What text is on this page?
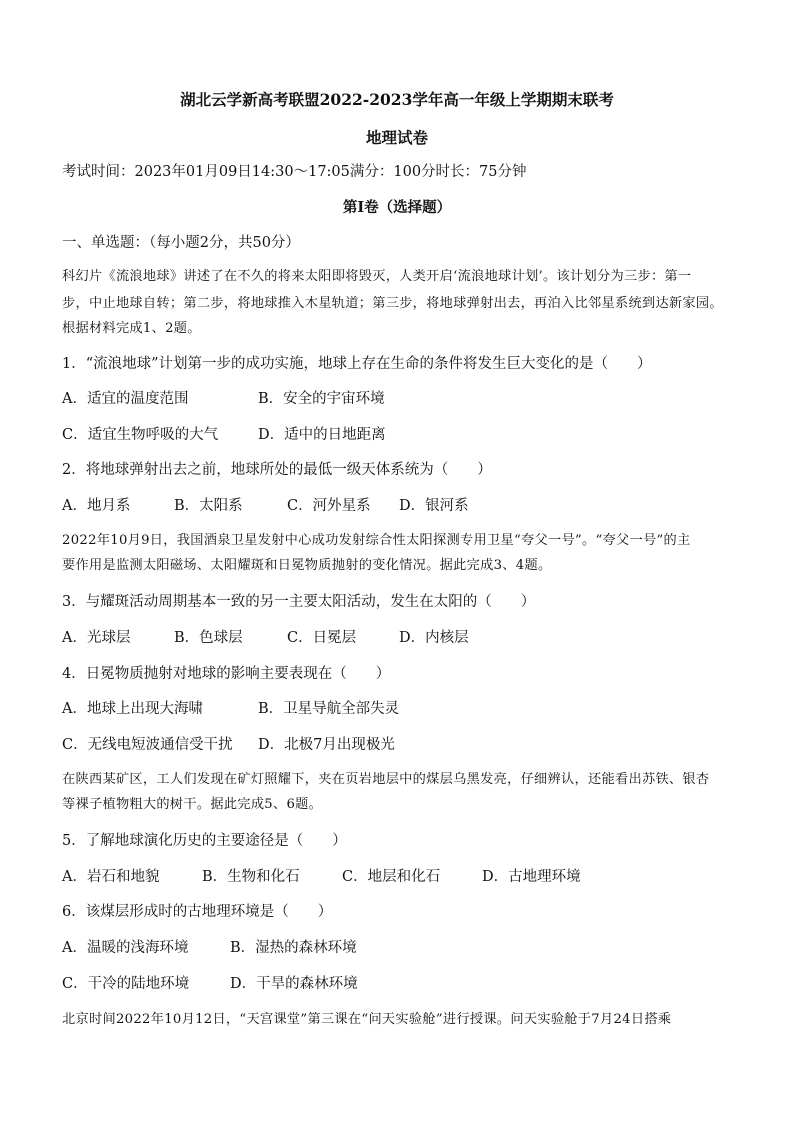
湖北云学新高考联盟2022-2023学年高一年级上学期期末联考
地理试卷
考试时间：2023年01月09日14:30～17:05满分：100分时长：75分钟
第I卷（选择题）
一、单选题：（每小题2分，共50分）
科幻片《流浪地球》讲述了在不久的将来太阳即将毁灭，人类开启‘流浪地球计划’。该计划分为三步：第一
步，中止地球自转；第二步，将地球推入木星轨道；第三步，将地球弹射出去，再泊入比邻星系统到达新家园。
根据材料完成1、2题。
1．“流浪地球”计划第一步的成功实施，地球上存在生命的条件将发生巨大变化的是（　　）
A．适宜的温度范围	B．安全的宇宙环境
C．适宜生物呼吸的大气	D．适中的日地距离
2．将地球弹射出去之前，地球所处的最低一级天体系统为（　　）
A．地月系	B．太阳系	C．河外星系 D．银河系
2022年10月9日，我国酒泉卫星发射中心成功发射综合性太阳探测专用卫星“夸父一号”。“夸父一号”的主
要作用是监测太阳磁场、太阳耀斑和日冕物质抛射的变化情况。据此完成3、4题。
3．与耀斑活动周期基本一致的另一主要太阳活动，发生在太阳的（　　）
A．光球层	B．色球层	C．日冕层	D．内核层
4．日冕物质抛射对地球的影响主要表现在（　　）
A．地球上出现大海啸	B．卫星导航全部失灵
C．无线电短波通信受干扰 D．北极7月出现极光
在陕西某矿区，工人们发现在矿灯照耀下，夹在页岩地层中的煤层乌黑发亮，仔细辨认，还能看出苏铁、银杏
等裸子植物粗大的树干。据此完成5、6题。
5．了解地球演化历史的主要途径是（　　）
A．岩石和地貌	B．生物和化石	C．地层和化石	D．古地理环境
6．该煤层形成时的古地理环境是（　　）
A．温暖的浅海环境	B．湿热的森林环境
C．干冷的陆地环境	D．干旱的森林环境
北京时间2022年10月12日，“天宫课堂”第三课在“问天实验舱”进行授课。问天实验舱于7月24日搭乘
